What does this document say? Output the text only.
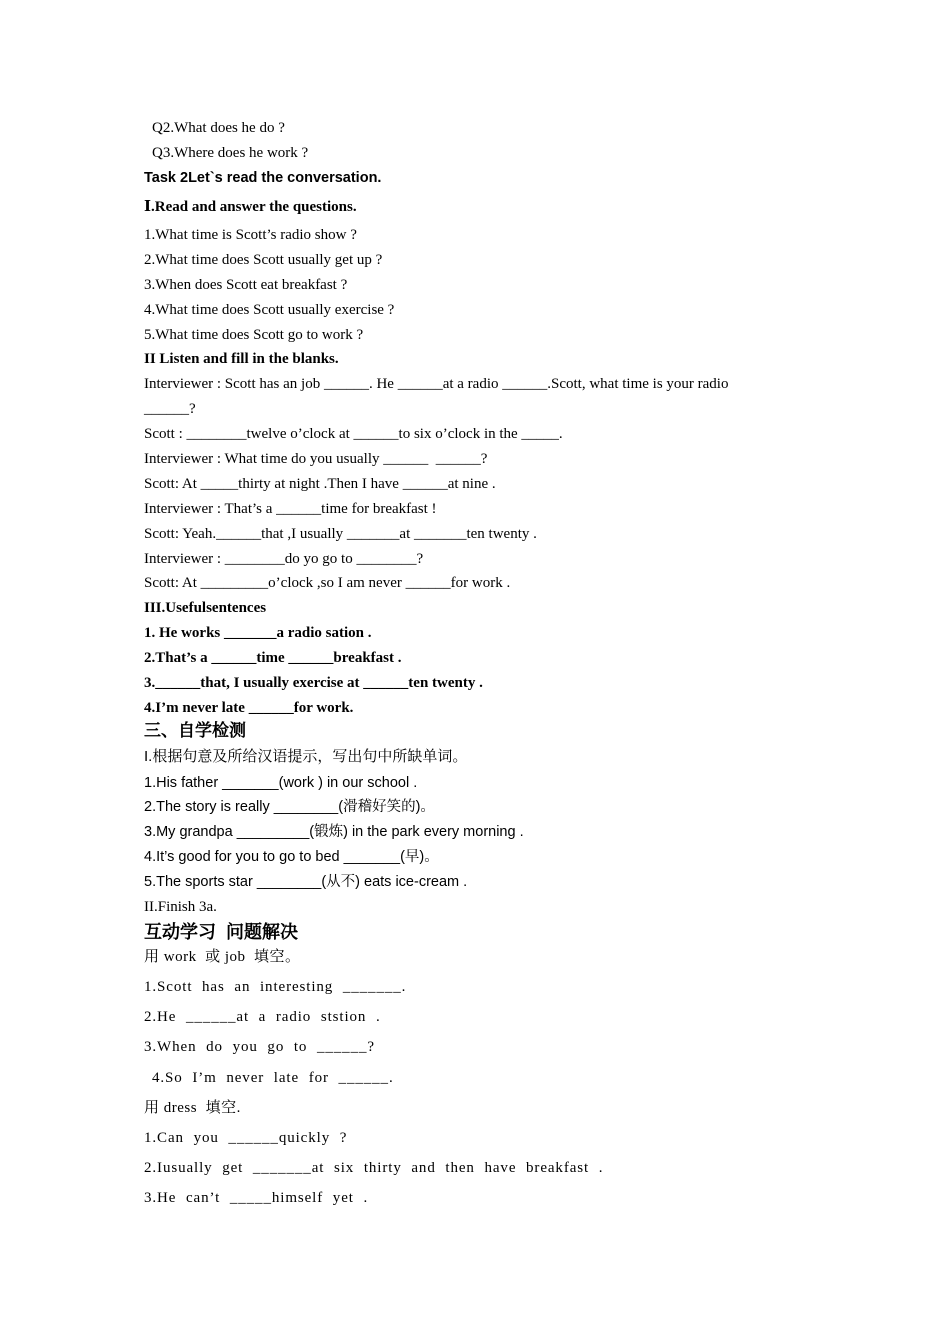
Q2.What does he do ?
Q3.Where does he work ?
Task 2Let`s read the conversation.
Ⅰ.Read and answer the questions.
1.What time is Scott’s radio show ?
2.What time does Scott usually get up ?
3.When does Scott eat breakfast ?
4.What time does Scott usually exercise ?
5.What time does Scott go to work ?
II Listen and fill in the blanks.
Interviewer : Scott has an job ______. He ______at a radio ______.Scott, what time is your radio
______?
Scott : ________twelve o’clock at ______to six o’clock in the _____.
Interviewer : What time do you usually ______  ______?
Scott: At _____thirty at night .Then I have ______at nine .
Interviewer : That’s a ______time for breakfast !
Scott: Yeah.______that ,I usually _______at _______ten twenty .
Interviewer : ________do yo go to ________?
Scott: At _________o’clock ,so I am never ______for work .
III.Usefulsentences
1. He works _______a radio sation .
2.That’s a ______time ______breakfast .
3.______that, I usually exercise at ______ten twenty .
4.I’m never late ______for work.
三、自学检测
I.根据句意及所给汉语提示，写出句中所缺单词。
1.His father _______(work ) in our school .
2.The story is really ________(滑稽好笑的)。
3.My grandpa _________(锻炼) in the park every morning .
4.It’s good for you to go to bed _______(早)。
5.The sports star ________(从不) eats ice-cream .
II.Finish 3a.
互动学习  问题解决
用 work  或 job  填空。
1.Scott has an interesting _______.
2.He ______at a radio ststion .
3.When do you go to ______?
4.So I’m never late for ______.
用 dress  填空.
1.Can you ______quickly ?
2.Iusually get _______at six thirty and then have breakfast .
3.He can’t _____himself yet .
